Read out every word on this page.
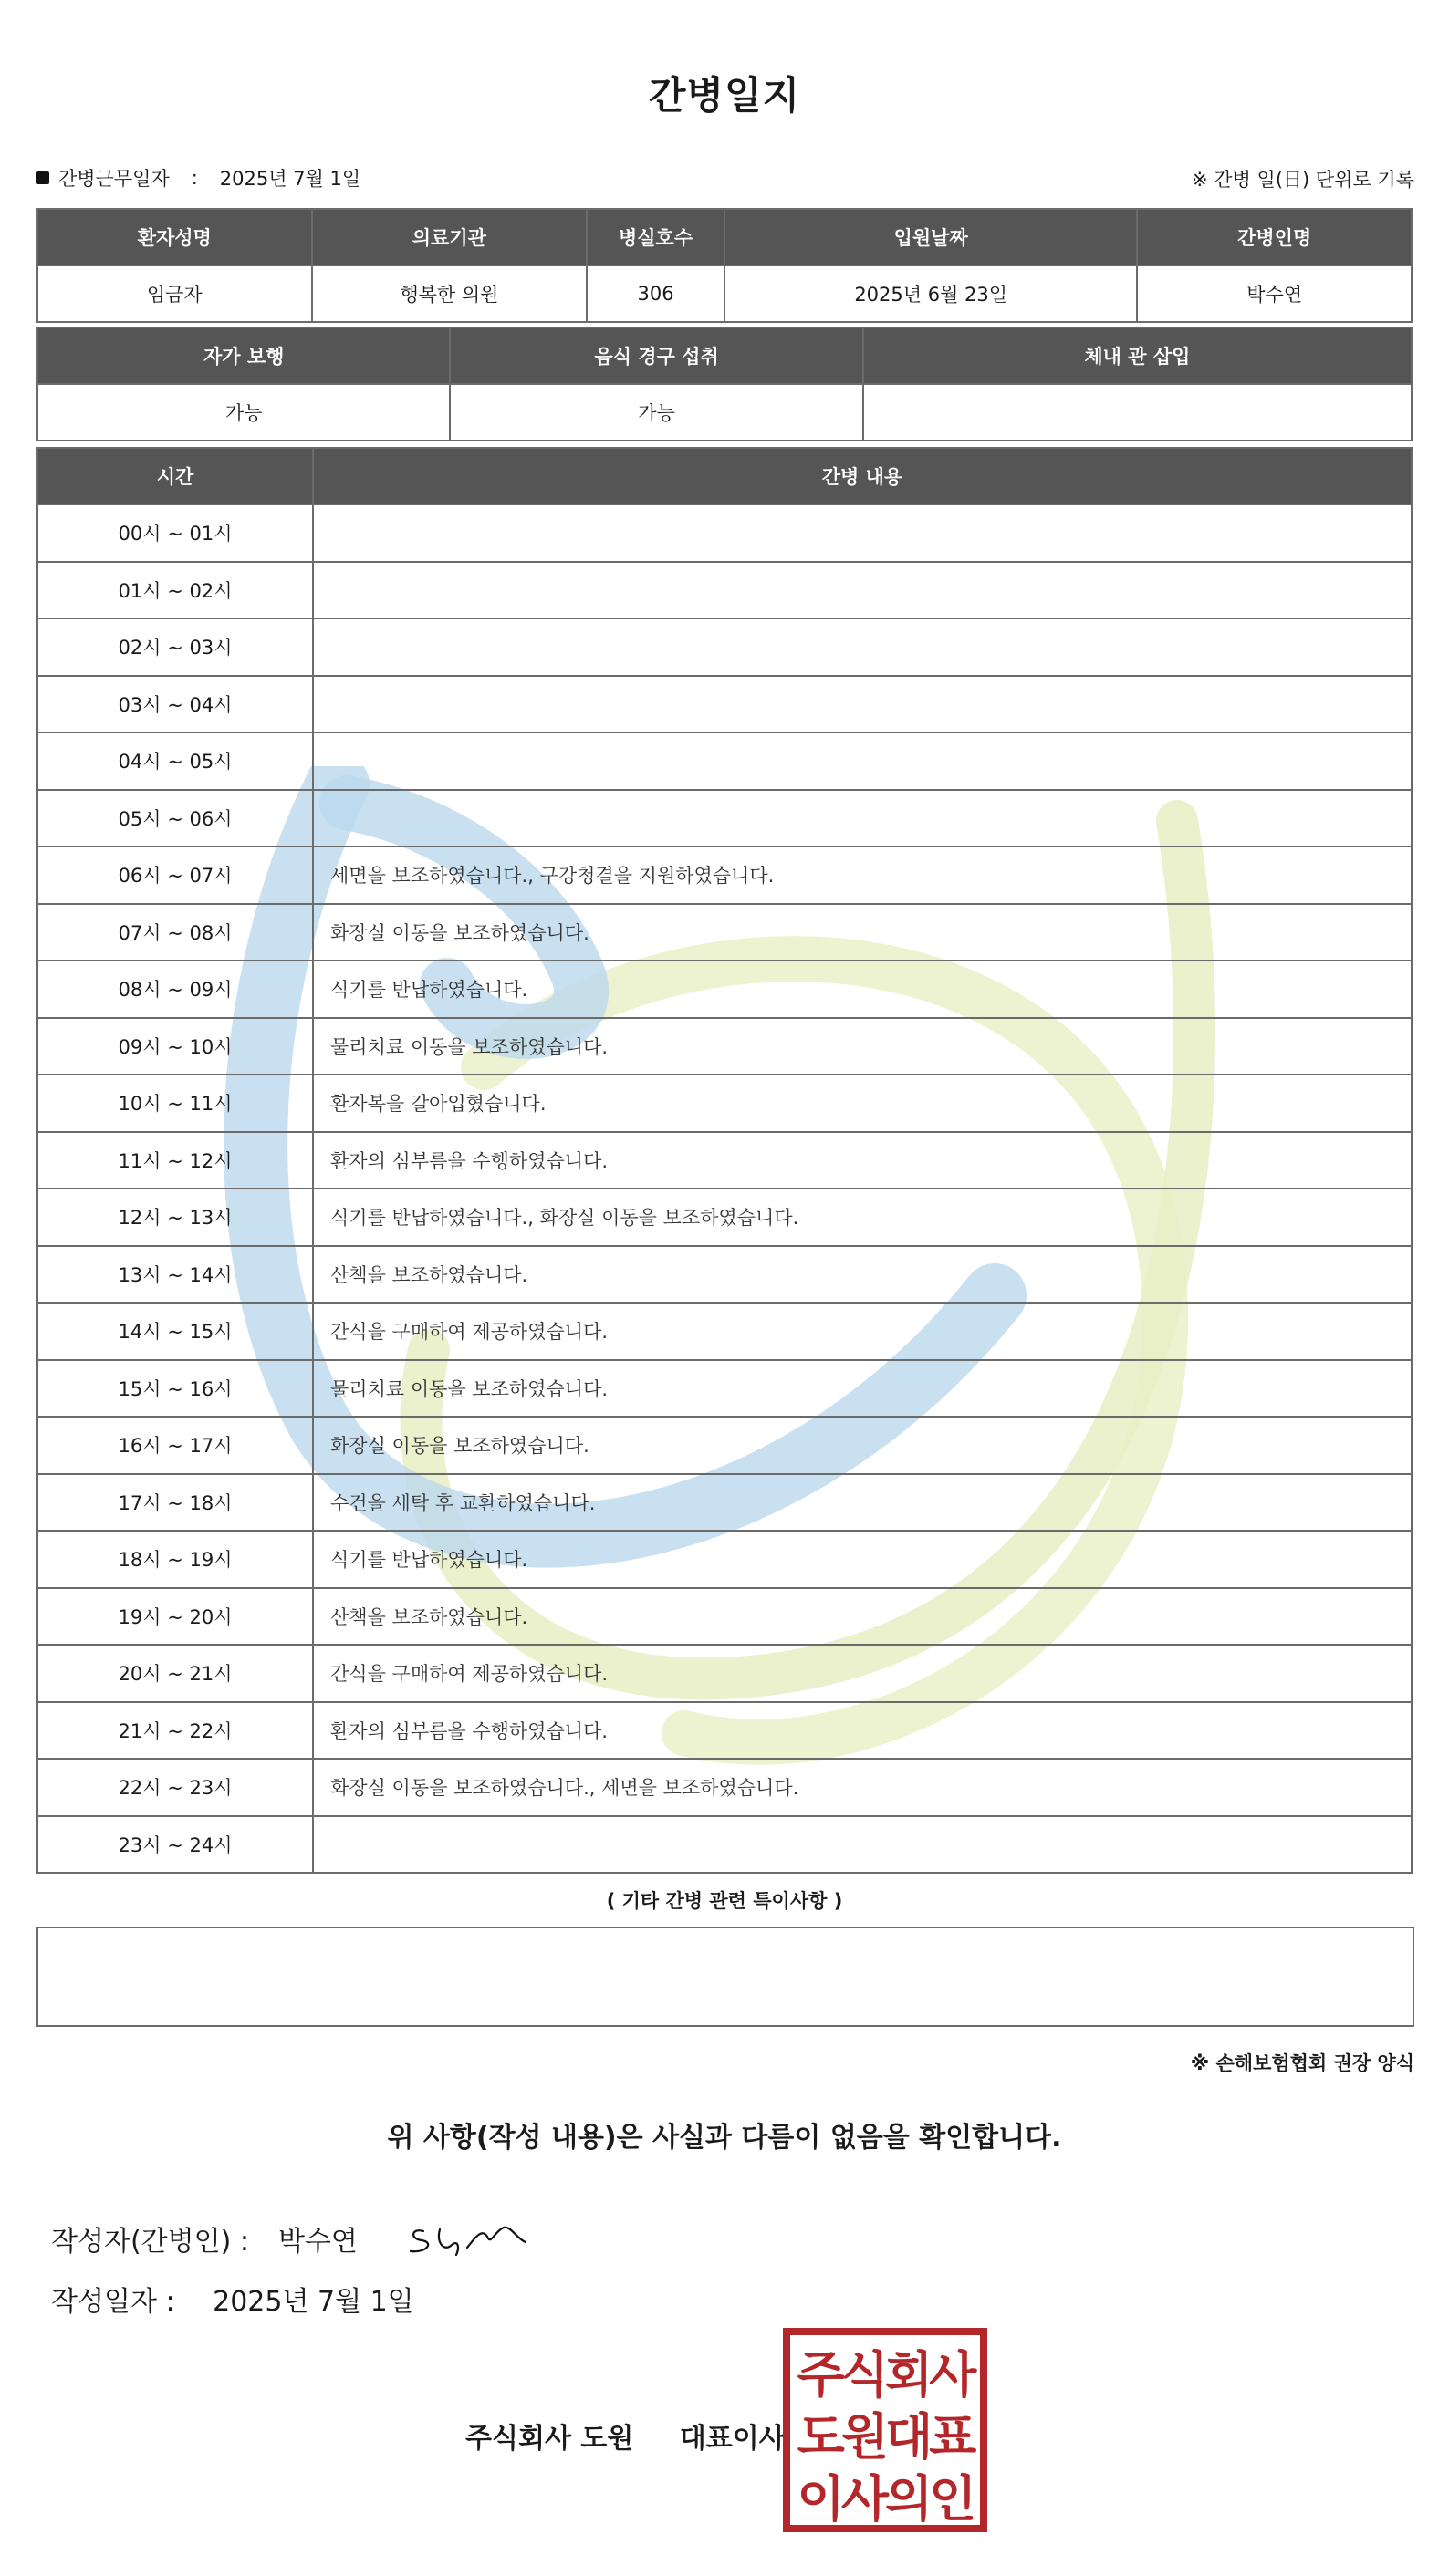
간병일지
간병근무일자 : 2025년 7월 1일	※ 간병 일(日) 단위로 기록
환자성명	의료기관	병실호수	입원날짜	간병인명
임금자	행복한 의원	306	2025년 6월 23일	박수연
자가 보행	음식 경구 섭취	체내 관 삽입
가능	가능	
시간	간병 내용
00시 ~ 01시	
01시 ~ 02시	
02시 ~ 03시	
03시 ~ 04시	
04시 ~ 05시	
05시 ~ 06시	
06시 ~ 07시	세면을 보조하였습니다., 구강청결을 지원하였습니다.
07시 ~ 08시	화장실 이동을 보조하였습니다.
08시 ~ 09시	식기를 반납하였습니다.
09시 ~ 10시	물리치료 이동을 보조하였습니다.
10시 ~ 11시	환자복을 갈아입혔습니다.
11시 ~ 12시	환자의 심부름을 수행하였습니다.
12시 ~ 13시	식기를 반납하였습니다., 화장실 이동을 보조하였습니다.
13시 ~ 14시	산책을 보조하였습니다.
14시 ~ 15시	간식을 구매하여 제공하였습니다.
15시 ~ 16시	물리치료 이동을 보조하였습니다.
16시 ~ 17시	화장실 이동을 보조하였습니다.
17시 ~ 18시	수건을 세탁 후 교환하였습니다.
18시 ~ 19시	식기를 반납하였습니다.
19시 ~ 20시	산책을 보조하였습니다.
20시 ~ 21시	간식을 구매하여 제공하였습니다.
21시 ~ 22시	환자의 심부름을 수행하였습니다.
22시 ~ 23시	화장실 이동을 보조하였습니다., 세면을 보조하였습니다.
23시 ~ 24시	
( 기타 간병 관련 특이사항 )
※ 손해보험협회 권장 양식
위 사항(작성 내용)은 사실과 다름이 없음을 확인합니다.
작성자(간병인) : 박수연
작성일자 : 2025년 7월 1일
주식회사 도원 대표이사
주식회사
도원대표
이사의인
